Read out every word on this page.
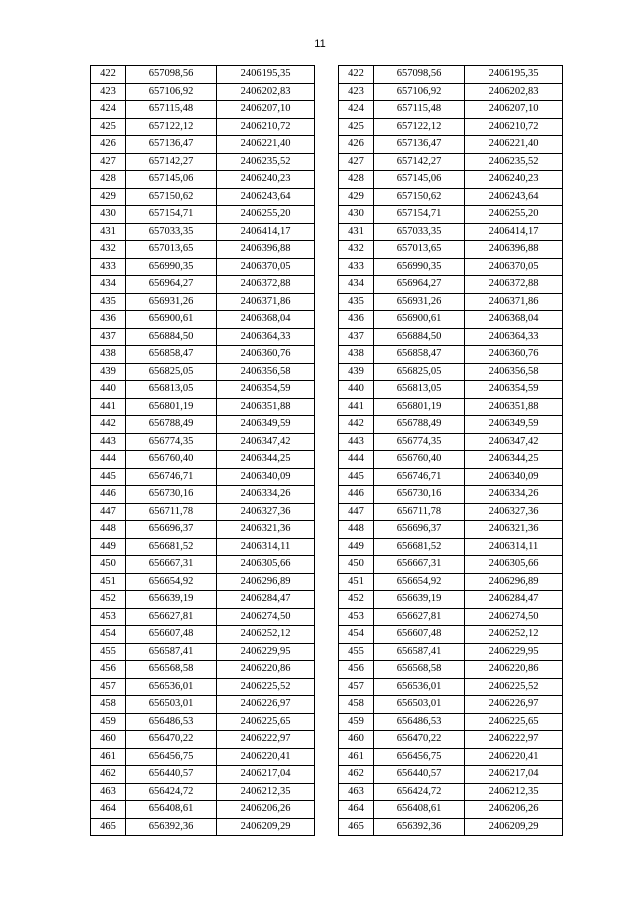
11
422	657098,56	2406195,35
423	657106,92	2406202,83
424	657115,48	2406207,10
425	657122,12	2406210,72
426	657136,47	2406221,40
427	657142,27	2406235,52
428	657145,06	2406240,23
429	657150,62	2406243,64
430	657154,71	2406255,20
431	657033,35	2406414,17
432	657013,65	2406396,88
433	656990,35	2406370,05
434	656964,27	2406372,88
435	656931,26	2406371,86
436	656900,61	2406368,04
437	656884,50	2406364,33
438	656858,47	2406360,76
439	656825,05	2406356,58
440	656813,05	2406354,59
441	656801,19	2406351,88
442	656788,49	2406349,59
443	656774,35	2406347,42
444	656760,40	2406344,25
445	656746,71	2406340,09
446	656730,16	2406334,26
447	656711,78	2406327,36
448	656696,37	2406321,36
449	656681,52	2406314,11
450	656667,31	2406305,66
451	656654,92	2406296,89
452	656639,19	2406284,47
453	656627,81	2406274,50
454	656607,48	2406252,12
455	656587,41	2406229,95
456	656568,58	2406220,86
457	656536,01	2406225,52
458	656503,01	2406226,97
459	656486,53	2406225,65
460	656470,22	2406222,97
461	656456,75	2406220,41
462	656440,57	2406217,04
463	656424,72	2406212,35
464	656408,61	2406206,26
465	656392,36	2406209,29
422	657098,56	2406195,35
423	657106,92	2406202,83
424	657115,48	2406207,10
425	657122,12	2406210,72
426	657136,47	2406221,40
427	657142,27	2406235,52
428	657145,06	2406240,23
429	657150,62	2406243,64
430	657154,71	2406255,20
431	657033,35	2406414,17
432	657013,65	2406396,88
433	656990,35	2406370,05
434	656964,27	2406372,88
435	656931,26	2406371,86
436	656900,61	2406368,04
437	656884,50	2406364,33
438	656858,47	2406360,76
439	656825,05	2406356,58
440	656813,05	2406354,59
441	656801,19	2406351,88
442	656788,49	2406349,59
443	656774,35	2406347,42
444	656760,40	2406344,25
445	656746,71	2406340,09
446	656730,16	2406334,26
447	656711,78	2406327,36
448	656696,37	2406321,36
449	656681,52	2406314,11
450	656667,31	2406305,66
451	656654,92	2406296,89
452	656639,19	2406284,47
453	656627,81	2406274,50
454	656607,48	2406252,12
455	656587,41	2406229,95
456	656568,58	2406220,86
457	656536,01	2406225,52
458	656503,01	2406226,97
459	656486,53	2406225,65
460	656470,22	2406222,97
461	656456,75	2406220,41
462	656440,57	2406217,04
463	656424,72	2406212,35
464	656408,61	2406206,26
465	656392,36	2406209,29
